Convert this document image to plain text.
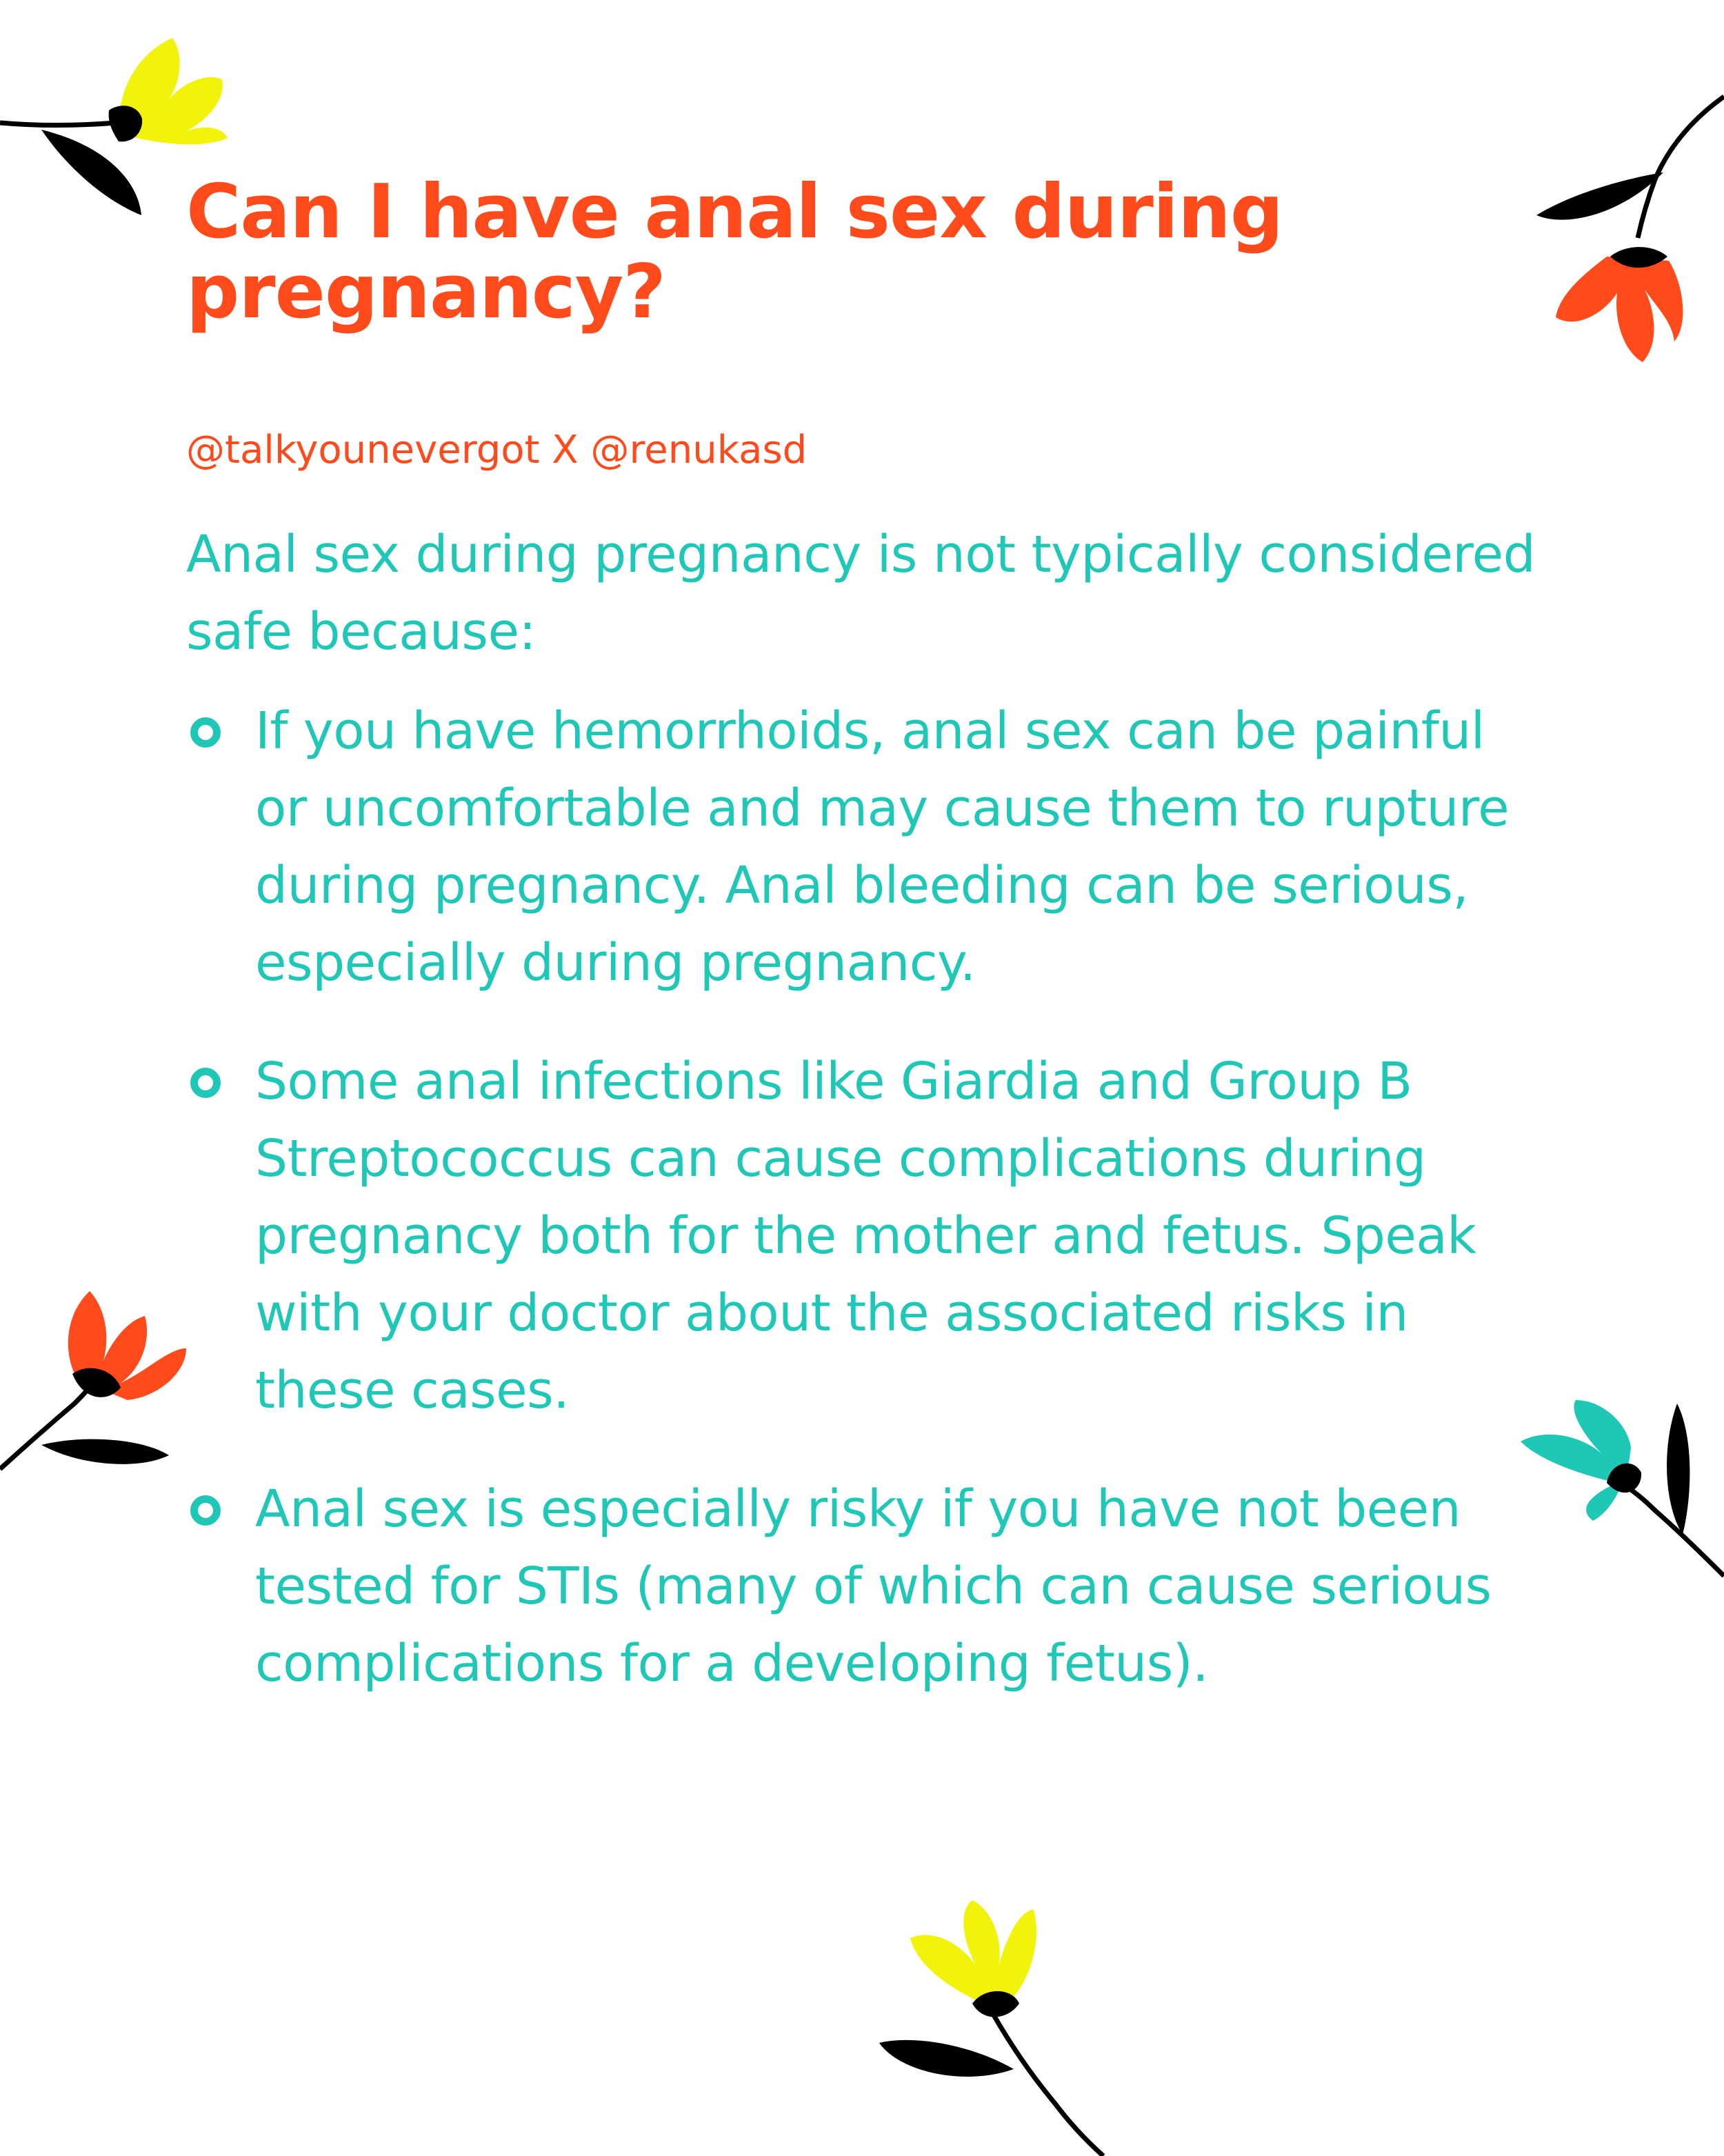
Can I have anal sex during pregnancy?
@talkyounevergot X @renukasd

Anal sex during pregnancy is not typically considered safe because:

If you have hemorrhoids, anal sex can be painful or uncomfortable and may cause them to rupture during pregnancy. Anal bleeding can be serious, especially during pregnancy.
Some anal infections like Giardia and Group B Streptococcus can cause complications during pregnancy both for the mother and fetus. Speak with your doctor about the associated risks in these cases.
Anal sex is especially risky if you have not been tested for STIs (many of which can cause serious complications for a developing fetus).
